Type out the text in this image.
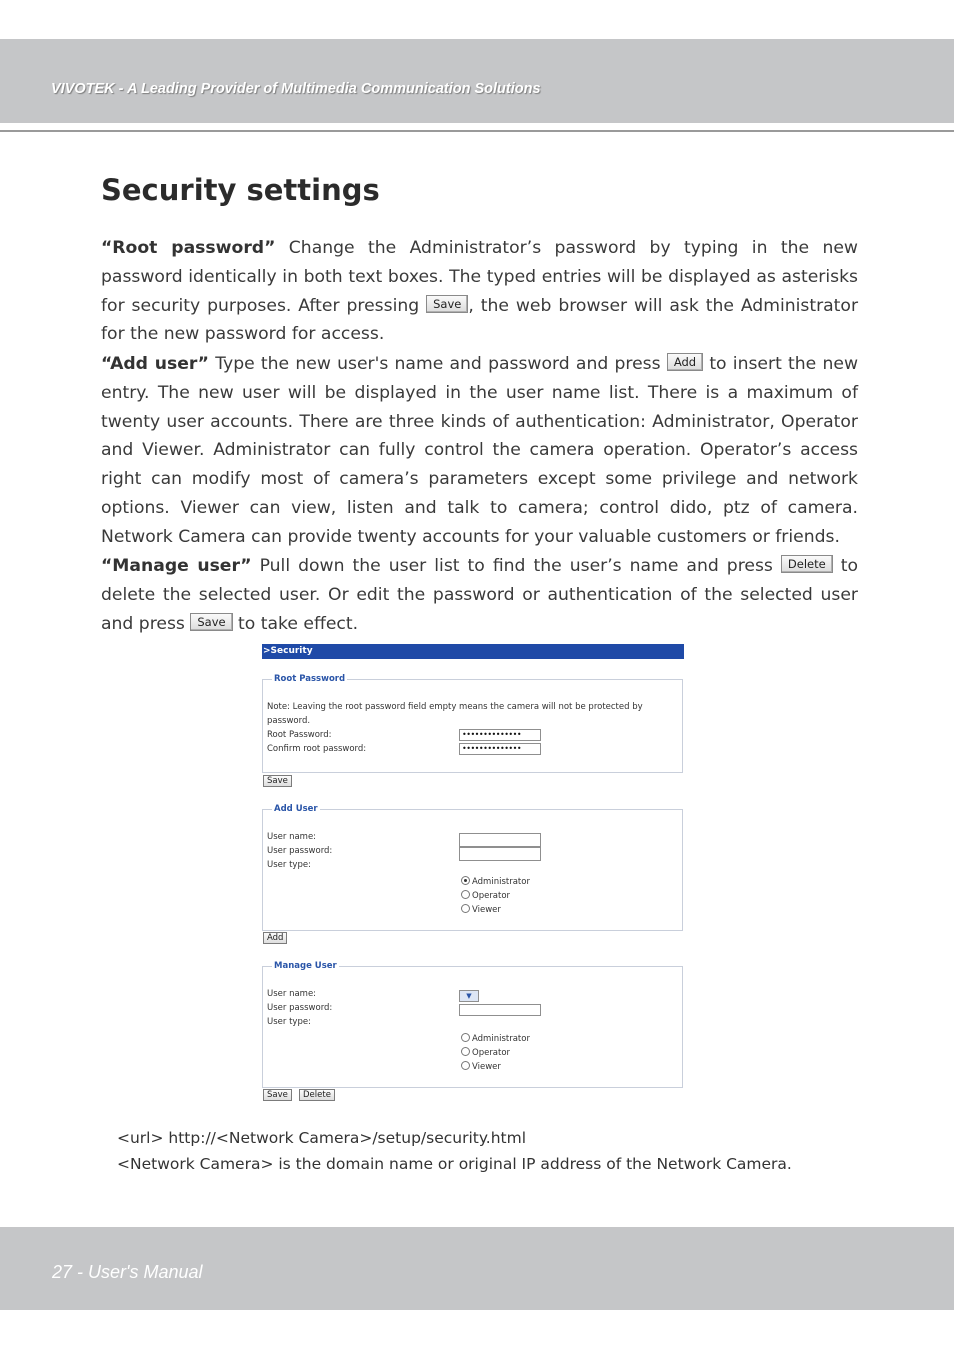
VIVOTEK - A Leading Provider of Multimedia Communication Solutions
Security settings
“Root password” Change the Administrator’s password by typing in the new password identically in both text boxes. The typed entries will be displayed as asterisks for security purposes. After pressing Save , the web browser will ask the Administrator for the new password for access.
“Add user” Type the new user's name and password and press Add to insert the new entry. The new user will be displayed in the user name list. There is a maximum of twenty user accounts. There are three kinds of authentication: Administrator, Operator and Viewer. Administrator can fully control the camera operation. Operator’s access right can modify most of camera’s parameters except some privilege and network options. Viewer can view, listen and talk to camera; control dido, ptz of camera. Network Camera can provide twenty accounts for your valuable customers or friends.
“Manage user” Pull down the user list to find the user’s name and press Delete to delete the selected user. Or edit the password or authentication of the selected user and press Save to take effect.
>Security
Root Password
Note: Leaving the root password field empty means the camera will not be protected by
password.
Root Password:
Confirm root password:
••••••••••••••
••••••••••••••
Save
Add User
User name:
User password:
User type:
Administrator
Operator
Viewer
Add
Manage User
User name:
User password:
User type:
▼
Administrator
Operator
Viewer
Save	Delete
<url> http://<Network Camera>/setup/security.html
<Network Camera> is the domain name or original IP address of the Network Camera.
27 - User's Manual
